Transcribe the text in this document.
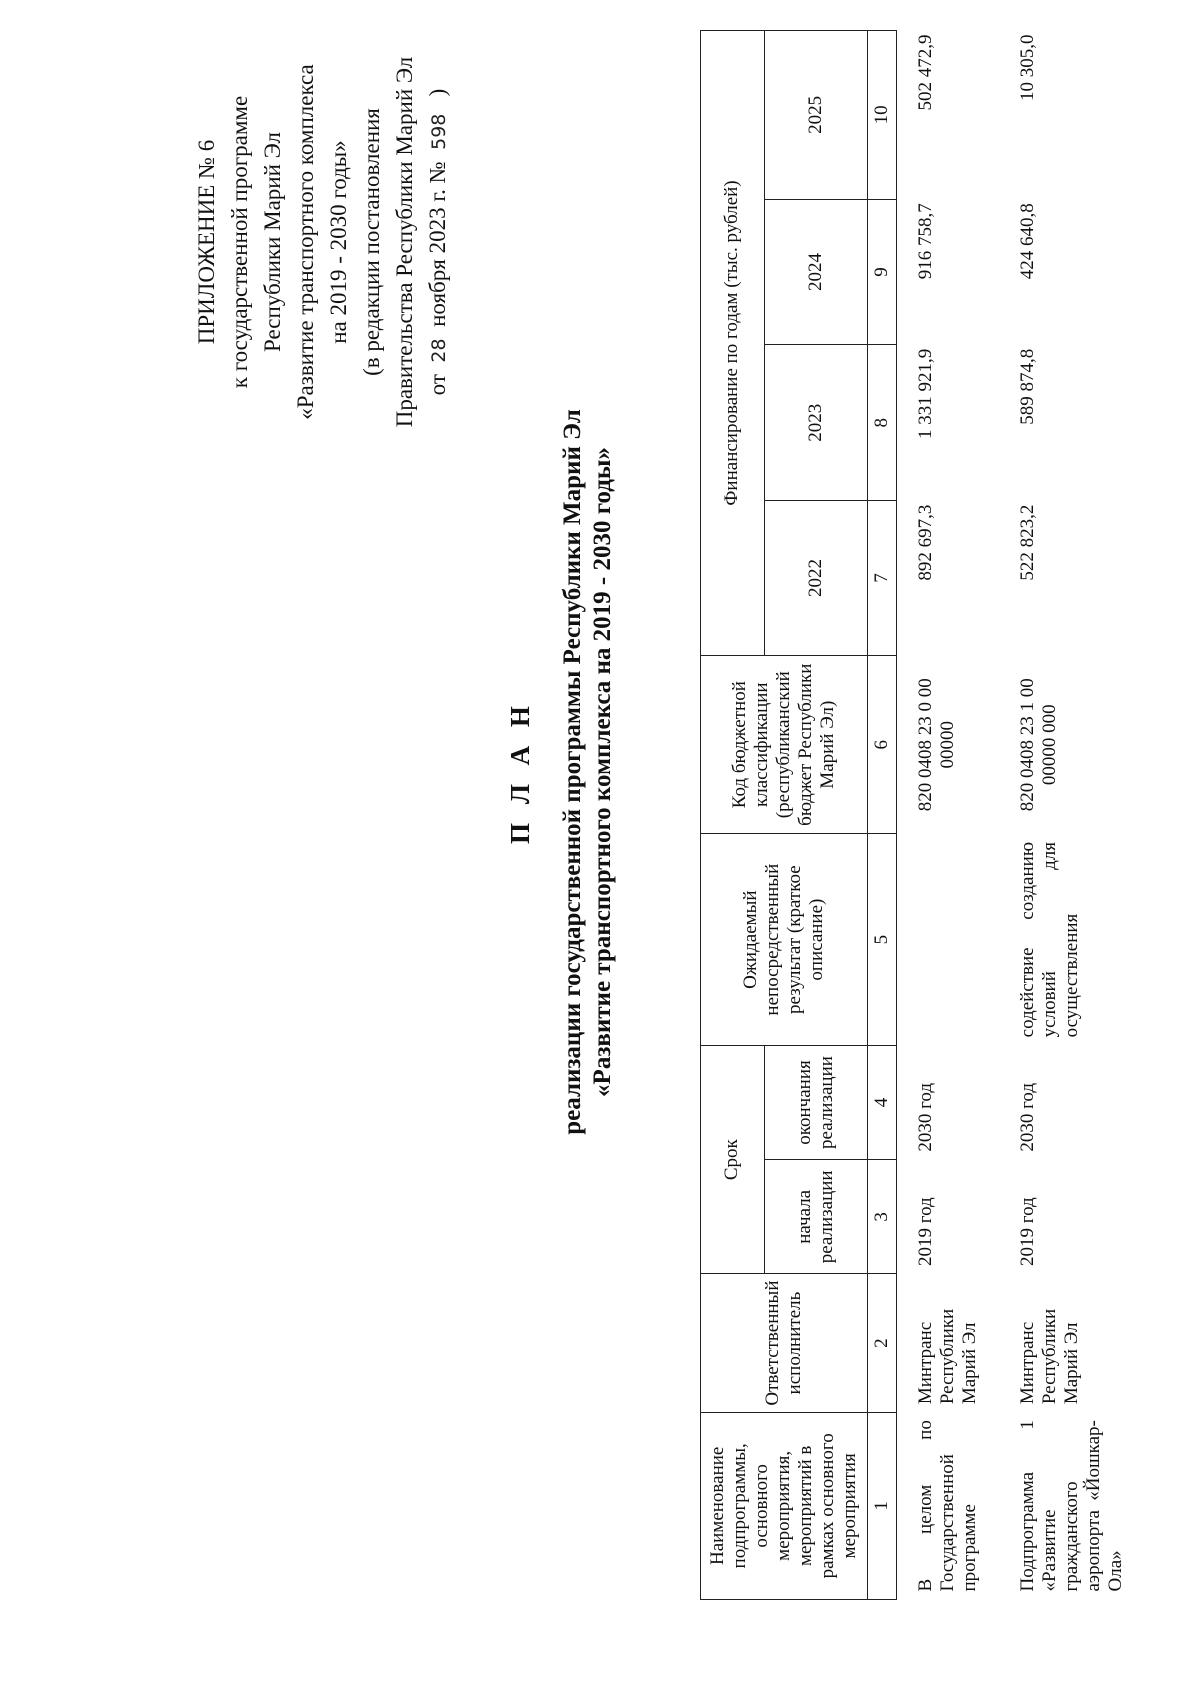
ПРИЛОЖЕНИЕ № 6 к государственной программе Республики Марий Эл «Развитие транспортного комплекса на 2019 - 2030 годы» (в редакции постановления Правительства Республики Марий Эл от  28  ноября 2023 г. №  598   )
П Л А Н реализации государственной программы Республики Марий Эл «Развитие транспортного комплекса на 2019 - 2030 годы»
Наименование подпрограммы, основного мероприятия, мероприятий в рамках основного мероприятия	Ответственный исполнитель	Срок		Ожидаемый непосредственный результат (краткое описание)	Код бюджетной классификации (республиканский бюджет Республики Марий Эл)	Финансирование по годам (тыс. рублей)			
		начала реализации	окончания реализации			2022	2023	2024	2025
1	2	3	4	5	6	7	8	9	10
В целом по Государственной программе	Минтранс Республики Марий Эл	2019 год	2030 год		820 0408 23 0 00 00000	892 697,3	1 331 921,9	916 758,7	502 472,9
Подпрограмма 1 «Развитие гражданского аэропорта «Йошкар-Ола»	Минтранс Республики Марий Эл	2019 год	2030 год	содействие созданию условий для осуществления	820 0408 23 1 00 00000 000	522 823,2	589 874,8	424 640,8	10 305,0
